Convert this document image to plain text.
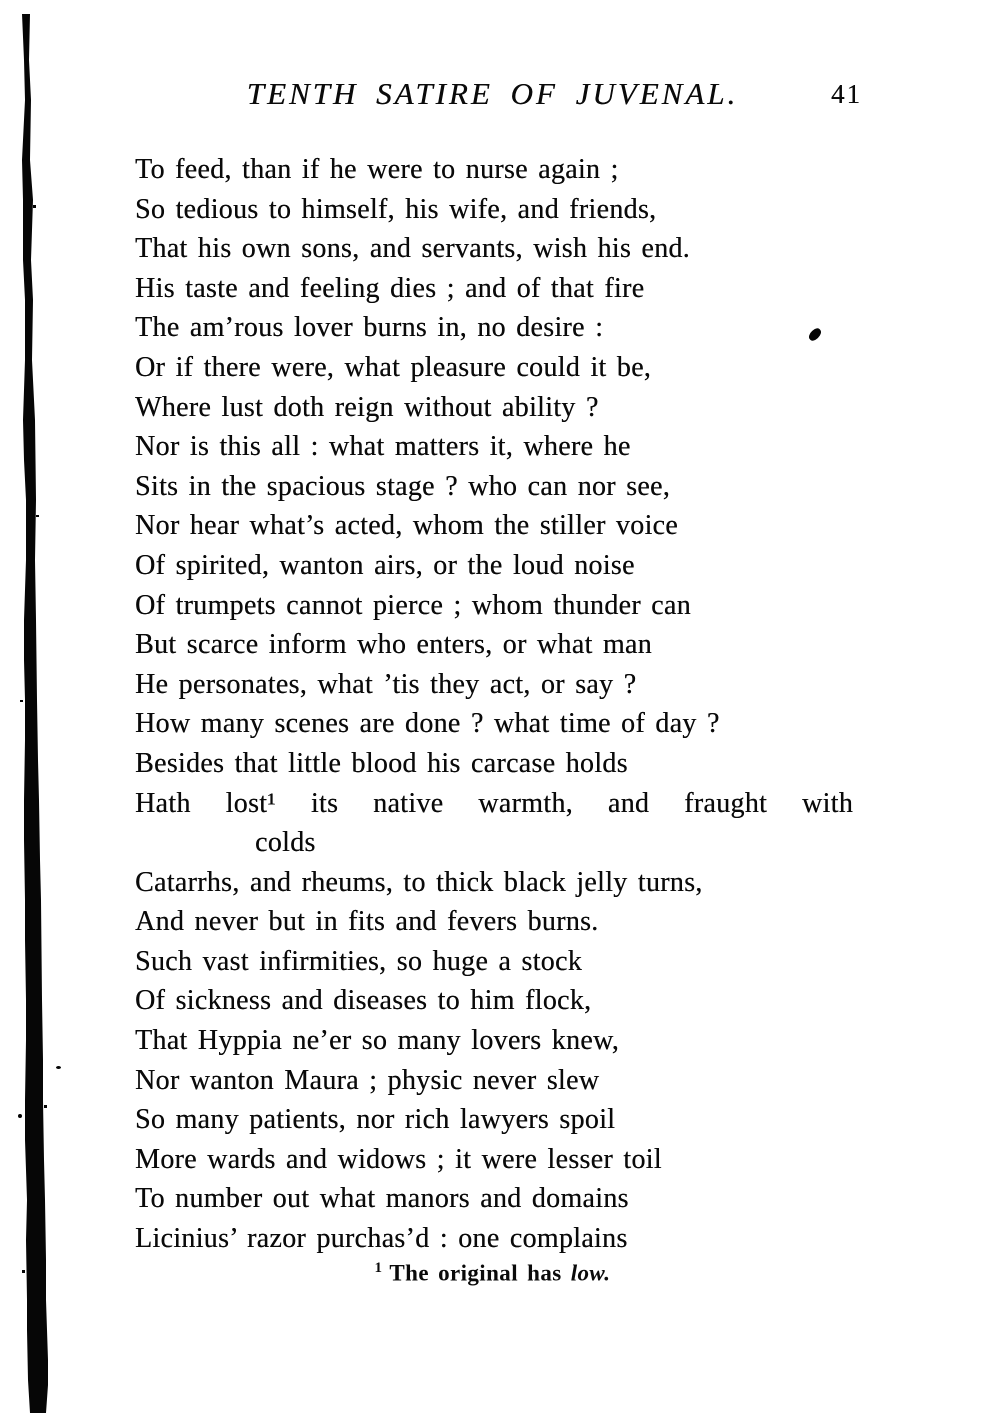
TENTH SATIRE OF JUVENAL.	41
To feed, than if he were to nurse again ;
So tedious to himself, his wife, and friends,
That his own sons, and servants, wish his end.
His taste and feeling dies ; and of that fire
The am’rous lover burns in, no desire :
Or if there were, what pleasure could it be,
Where lust doth reign without ability ?
Nor is this all : what matters it, where he
Sits in the spacious stage ? who can nor see,
Nor hear what’s acted, whom the stiller voice
Of spirited, wanton airs, or the loud noise
Of trumpets cannot pierce ; whom thunder can
But scarce inform who enters, or what man
He personates, what ’tis they act, or say ?
How many scenes are done ? what time of day ?
Besides that little blood his carcase holds
Hath lost¹ its native warmth, and fraught with
colds
Catarrhs, and rheums, to thick black jelly turns,
And never but in fits and fevers burns.
Such vast infirmities, so huge a stock
Of sickness and diseases to him flock,
That Hyppia ne’er so many lovers knew,
Nor wanton Maura ; physic never slew
So many patients, nor rich lawyers spoil
More wards and widows ; it were lesser toil
To number out what manors and domains
Licinius’ razor purchas’d : one complains
$^1$ The original has low.
